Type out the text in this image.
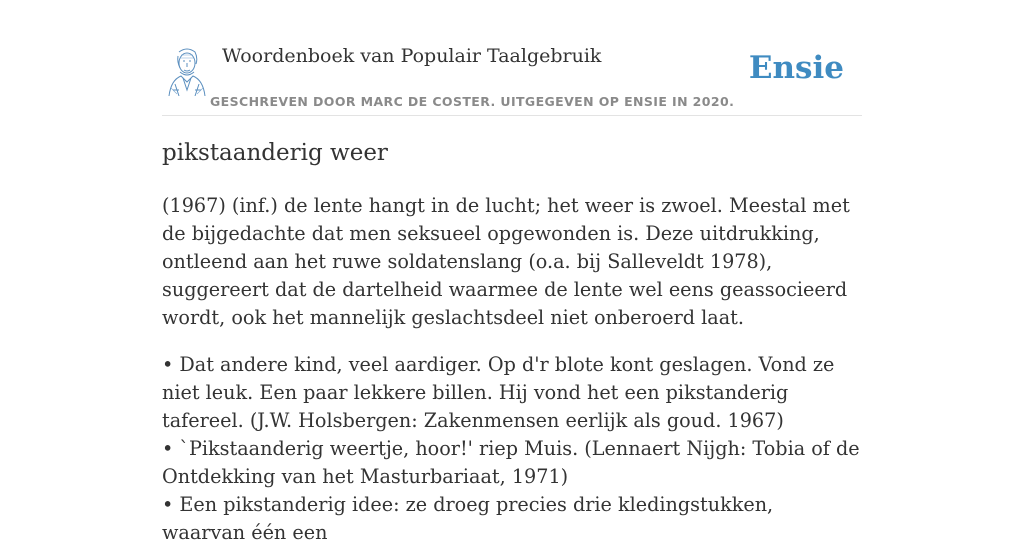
Woordenboek van Populair Taalgebruik
GESCHREVEN DOOR MARC DE COSTER. UITGEGEVEN OP ENSIE IN 2020.
Ensie
pikstaanderig weer

(1967) (inf.) de lente hangt in de lucht; het weer is zwoel. Meestal met de bijgedachte dat men seksueel opgewonden is. Deze uitdrukking, ontleend aan het ruwe soldatenslang (o.a. bij Salleveldt 1978), suggereert dat de dartelheid waarmee de lente wel eens geassocieerd wordt, ook het mannelijk geslachtsdeel niet onberoerd laat.

• Dat andere kind, veel aardiger. Op d'r blote kont geslagen. Vond ze niet leuk. Een paar lekkere billen. Hij vond het een pikstanderig tafereel. (J.W. Holsbergen: Zakenmensen eerlijk als goud. 1967)
• `Pikstaanderig weertje, hoor!' riep Muis. (Lennaert Nijgh: Tobia of de Ontdekking van het Masturbariaat, 1971)
• Een pikstanderig idee: ze droeg precies drie kledingstukken, waarvan één een
